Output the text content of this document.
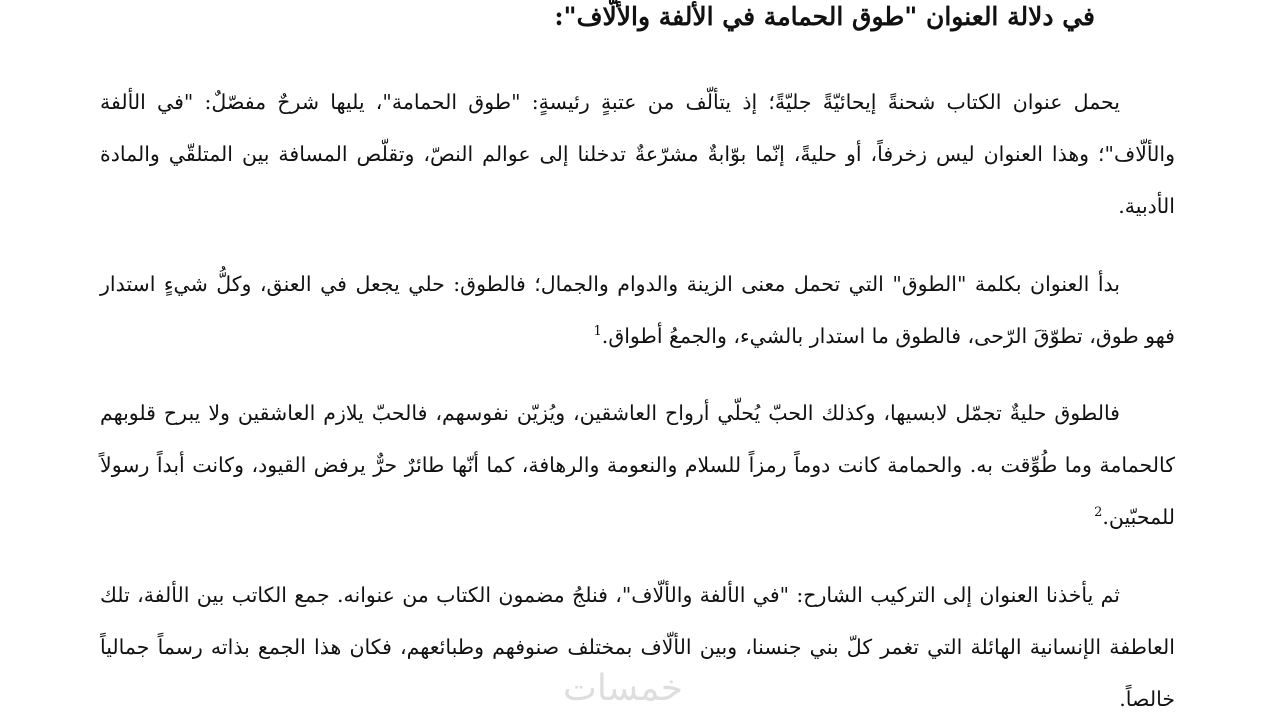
في دلالة العنوان "طوق الحمامة في الألفة والألّاف":

يحمل عنوان الكتاب شحنةً إيحائيّةً جليّةً؛ إذ يتألّف من عتبةٍ رئيسةٍ: "طوق الحمامة"، يليها شرحٌ مفصّلٌ: "في الألفة والألّاف"؛ وهذا العنوان ليس زخرفاً، أو حليةً، إنّما بوّابةٌ مشرّعةٌ تدخلنا إلى عوالم النصّ، وتقلّص المسافة بين المتلقّي والمادة الأدبية.

بدأ العنوان بكلمة "الطوق" التي تحمل معنى الزينة والدوام والجمال؛ فالطوق: حلي يجعل في العنق، وكلُّ شيءٍ استدار فهو طوق، تطوّقَ الرّحى، فالطوق ما استدار بالشيء، والجمعُ أطواق.$^1$

فالطوق حليةٌ تجمّل لابسيها، وكذلك الحبّ يُحلّي أرواح العاشقين، ويُزيّن نفوسهم، فالحبّ يلازم العاشقين ولا يبرح قلوبهم كالحمامة وما طُوِّقت به. والحمامة كانت دوماً رمزاً للسلام والنعومة والرهافة، كما أنّها طائرٌ حرٌّ يرفض القيود، وكانت أبداً رسولاً للمحبّين.$^2$

ثم يأخذنا العنوان إلى التركيب الشارح: "في الألفة والألّاف"، فنلجُ مضمون الكتاب من عنوانه. جمع الكاتب بين الألفة، تلك العاطفة الإنسانية الهائلة التي تغمر كلّ بني جنسنا، وبين الألّاف بمختلف صنوفهم وطبائعهم، فكان هذا الجمع بذاته رسماً جمالياً خالصاً.

خمسات
